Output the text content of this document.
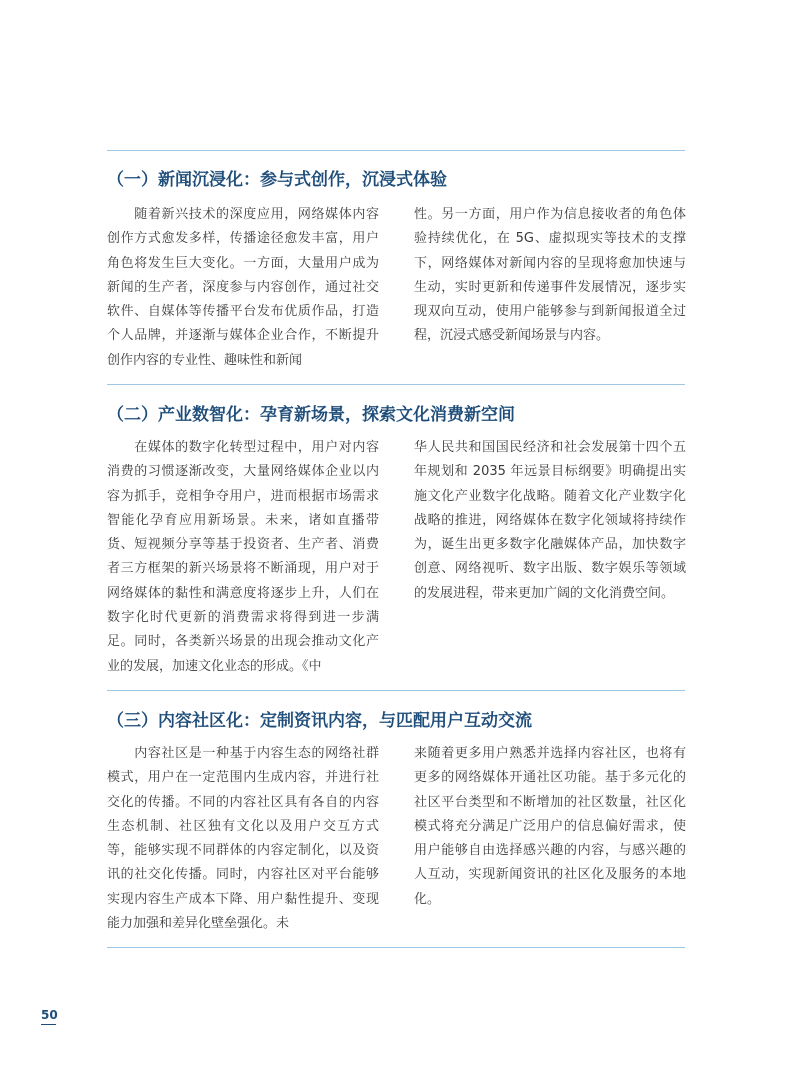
（一）新闻沉浸化：参与式创作，沉浸式体验

　　随着新兴技术的深度应用，网络媒体内容创作方式愈发多样，传播途径愈发丰富，用户角色将发生巨大变化。一方面，大量用户成为新闻的生产者，深度参与内容创作，通过社交软件、自媒体等传播平台发布优质作品，打造个人品牌，并逐渐与媒体企业合作，不断提升创作内容的专业性、趣味性和新闻

性。另一方面，用户作为信息接收者的角色体验持续优化，在 5G、虚拟现实等技术的支撑下，网络媒体对新闻内容的呈现将愈加快速与生动，实时更新和传递事件发展情况，逐步实现双向互动，使用户能够参与到新闻报道全过程，沉浸式感受新闻场景与内容。

（二）产业数智化：孕育新场景，探索文化消费新空间

　　在媒体的数字化转型过程中，用户对内容消费的习惯逐渐改变，大量网络媒体企业以内容为抓手，竞相争夺用户，进而根据市场需求智能化孕育应用新场景。未来，诸如直播带货、短视频分享等基于投资者、生产者、消费者三方框架的新兴场景将不断涌现，用户对于网络媒体的黏性和满意度将逐步上升，人们在数字化时代更新的消费需求将得到进一步满足。同时，各类新兴场景的出现会推动文化产业的发展，加速文化业态的形成。《中

华人民共和国国民经济和社会发展第十四个五年规划和 2035 年远景目标纲要》明确提出实施文化产业数字化战略。随着文化产业数字化战略的推进，网络媒体在数字化领域将持续作为，诞生出更多数字化融媒体产品，加快数字创意、网络视听、数字出版、数字娱乐等领域的发展进程，带来更加广阔的文化消费空间。

（三）内容社区化：定制资讯内容，与匹配用户互动交流

　　内容社区是一种基于内容生态的网络社群模式，用户在一定范围内生成内容，并进行社交化的传播。不同的内容社区具有各自的内容生态机制、社区独有文化以及用户交互方式等，能够实现不同群体的内容定制化，以及资讯的社交化传播。同时，内容社区对平台能够实现内容生产成本下降、用户黏性提升、变现能力加强和差异化壁垒强化。未

来随着更多用户熟悉并选择内容社区，也将有更多的网络媒体开通社区功能。基于多元化的社区平台类型和不断增加的社区数量，社区化模式将充分满足广泛用户的信息偏好需求，使用户能够自由选择感兴趣的内容，与感兴趣的人互动，实现新闻资讯的社区化及服务的本地化。

50
